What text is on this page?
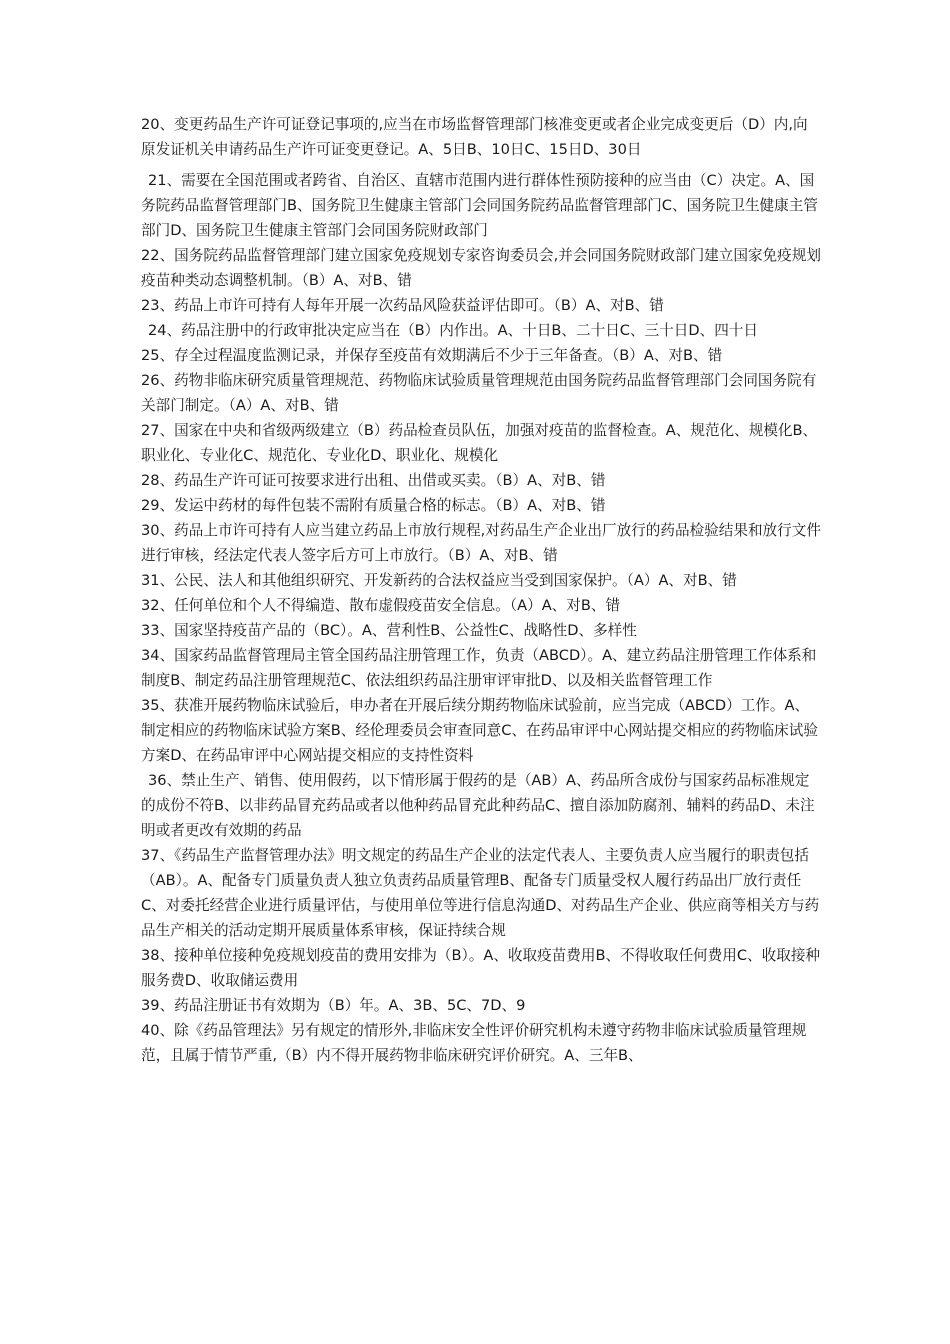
20、变更药品生产许可证登记事项的,应当在市场监督管理部门核准变更或者企业完成变更后（D）内,向原发证机关申请药品生产许可证变更登记。A、5日B、10日C、15日D、30日

21、需要在全国范围或者跨省、自治区、直辖市范围内进行群体性预防接种的应当由（C）决定。A、国务院药品监督管理部门B、国务院卫生健康主管部门会同国务院药品监督管理部门C、国务院卫生健康主管部门D、国务院卫生健康主管部门会同国务院财政部门

22、国务院药品监督管理部门建立国家免疫规划专家咨询委员会,并会同国务院财政部门建立国家免疫规划疫苗种类动态调整机制。（B）A、对B、错

23、药品上市许可持有人每年开展一次药品风险获益评估即可。（B）A、对B、错

24、药品注册中的行政审批决定应当在（B）内作出。A、十日B、二十日C、三十日D、四十日

25、存全过程温度监测记录，并保存至疫苗有效期满后不少于三年备查。（B）A、对B、错

26、药物非临床研究质量管理规范、药物临床试验质量管理规范由国务院药品监督管理部门会同国务院有关部门制定。（A）A、对B、错

27、国家在中央和省级两级建立（B）药品检查员队伍，加强对疫苗的监督检查。A、规范化、规模化B、职业化、专业化C、规范化、专业化D、职业化、规模化

28、药品生产许可证可按要求进行出租、出借或买卖。（B）A、对B、错

29、发运中药材的每件包装不需附有质量合格的标志。（B）A、对B、错

30、药品上市许可持有人应当建立药品上市放行规程,对药品生产企业出厂放行的药品检验结果和放行文件进行审核，经法定代表人签字后方可上市放行。（B）A、对B、错

31、公民、法人和其他组织研究、开发新药的合法权益应当受到国家保护。（A）A、对B、错

32、任何单位和个人不得编造、散布虚假疫苗安全信息。（A）A、对B、错

33、国家坚持疫苗产品的（BC）。A、营利性B、公益性C、战略性D、多样性

34、国家药品监督管理局主管全国药品注册管理工作，负责（ABCD）。A、建立药品注册管理工作体系和制度B、制定药品注册管理规范C、依法组织药品注册审评审批D、以及相关监督管理工作

35、获准开展药物临床试验后，申办者在开展后续分期药物临床试验前，应当完成（ABCD）工作。A、制定相应的药物临床试验方案B、经伦理委员会审查同意C、在药品审评中心网站提交相应的药物临床试验方案D、在药品审评中心网站提交相应的支持性资料

36、禁止生产、销售、使用假药，以下情形属于假药的是（AB）A、药品所含成份与国家药品标准规定的成份不符B、以非药品冒充药品或者以他种药品冒充此种药品C、擅自添加防腐剂、辅料的药品D、未注明或者更改有效期的药品

37、《药品生产监督管理办法》明文规定的药品生产企业的法定代表人、主要负责人应当履行的职责包括（AB）。A、配备专门质量负责人独立负责药品质量管理B、配备专门质量受权人履行药品出厂放行责任C、对委托经营企业进行质量评估，与使用单位等进行信息沟通D、对药品生产企业、供应商等相关方与药品生产相关的活动定期开展质量体系审核，保证持续合规

38、接种单位接种免疫规划疫苗的费用安排为（B）。A、收取疫苗费用B、不得收取任何费用C、收取接种服务费D、收取储运费用

39、药品注册证书有效期为（B）年。A、3B、5C、7D、9

40、除《药品管理法》另有规定的情形外,非临床安全性评价研究机构未遵守药物非临床试验质量管理规范，且属于情节严重,（B）内不得开展药物非临床研究评价研究。A、三年B、
